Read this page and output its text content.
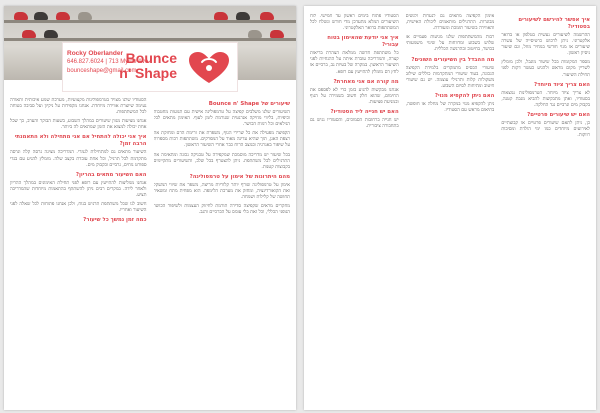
Rocky Oberlander
646.827.6024 | 713 Myrtle Ave
bounceshape@gmail.com
Bounce
n' Shape
שיעורים של Bounce n' Shape
השיעורים שלנו משלבים קפיצה על טרמפולינה אישית עם תנועות מחטבות וכיפיות, בליווי מוזיקה אנרגטית שגורמת לזמן לעוף. האימון מתאים לכל הגילאים וכל רמות הכושר.
הקפיצה מפעילה את כל שרירי הגוף, משפרת את זרימת הדם ומחזקת את רצפת האגן, תוך שהיא עדינה מאוד על המפרקים. משתתפות רבות מספרות על שיפור באנרגיה ובמצב הרוח כבר אחרי השיעור הראשון.
בכל שיעור יש מדריכה מוסמכת שמקפידה על טכניקה נכונה ומתאימה את התרגילים לכל משתתפת. ניתן להצטרף בכל שלב, והשיעורים מתקיימים בקבוצות קטנות.
מהם היתרונות של אימון על טרמפולינה?
אימון על טרמפולינה שורף יותר קלוריות מריצה, משפר את שיווי המשקל ואת הקואורדינציה, ומחזק את מערכת הלימפה. הוא מפחית מתח ומשאיר תחושה של קלילות ושמחה.
מחקרים מראים שקפיצה סדירה תורמת לחיזוק העצמות ולשיפור הכושר הגופני הכללי, וכל זאת בלי עומס על הברכיים והגב.
הסטודיו שלנו מצויד בטרמפולינות מקצועיות, מערכת שמע איכותית ותאורה נעימה שיוצרת אווירה מיוחדת. אנחנו מקפידות על ניקיון ועל סביבה בטוחה לכל המשתתפות.
אנחנו מציעות מגוון שיעורים במהלך השבוע, בשעות הבוקר והערב, כך שכל אחת יכולה למצוא את הזמן שמתאים לה ביותר.
איך אני יכולה להתחיל אם אני מתחילה ולא התאמנתי הרבה זמן?
השיעור מתאים גם למתחילות לגמרי. המדריכה מציגה גרסה קלה וגרסה מתקדמת לכל תרגיל, וכל אחת עובדת בקצב שלה. מומלץ להגיע עם בגדי ספורט נוחים, גרביים ובקבוק מים.
האם השיעור מתאים בהריון?
אנחנו ממליצות להתייעץ עם רופא לפני תחילת האימונים במהלך ההריון ולאחר לידה. במקרים רבים ניתן להשתתף בהתאמות מיוחדות שהמדריכה תציע.
חשוב לנו שכל משתתפת תרגיש בנוח, ולכן אנחנו פתוחות לכל שאלה לפני השיעור ואחריו.
כמה זמן נמשך כל שיעור?
איך אפשר להירשם לשיעורים בסטודיו?
ההרשמה לשיעורים נעשית בטלפון או בדואר אלקטרוני. ניתן לרכוש כרטיסייה של עשרה שיעורים או מנוי חודשי במחיר מוזל, וגם שיעור ניסיון ראשון.
מספר המקומות בכל שיעור מוגבל, ולכן מומלץ לשריין מקום מראש ולהגיע כעשר דקות לפני תחילת השיעור.
האם צריך ציוד מיוחד?
לא צריך ציוד מיוחד. הטרמפולינות נמצאות בסטודיו, ואתן מתבקשות להביא מגבת קטנה, בקבוק מים וגרביים נגד החלקה.
האם יש שיעורים פרטיים?
כן, ניתן לתאם שיעורים פרטיים או קבוצתיים לאירועים מיוחדים כמו ימי הולדת ומסיבות רווקות.
אימון הקפיצה מתאים גם לנערות ולנשים מבוגרות. התרגילים מותאמים ליכולת האישית, והאווירה בשיעור תומכת ומעודדת.
רבות מהמשתתפות שלנו מגיעות פעמיים או שלוש בשבוע ומדווחות על שינוי משמעותי בכושר, בחיטוב ובהרגשה הכללית.
מה ההבדל בין השיעורים השונים?
שיעורי הבסיס מתמקדים בלמידת הקפיצה הנכונה, בעוד שיעורי המתקדמות כוללים שילוב משקולות קלות ותרגילי עוצמה. יש גם שיעורי חיטוב ומתיחות לסיום השבוע.
האם ניתן להקפיא מנוי?
ניתן להקפיא מנוי במקרה של מחלה או חופשה, בתיאום מראש עם הסטודיו.
הסטודיו פתוח בימים ראשון עד חמישי. לוח השיעורים המלא מתעדכן מדי חודש ונשלח לכל המשתתפות בדואר האלקטרוני.
איך אני יודעת שהאימון בטוח עבורי?
כל משתתפת חדשה ממלאת הצהרת בריאות קצרה, והמדריכה עוברת איתה על ההנחיות לפני השיעור הראשון. במקרה של בעיות גב, ברכיים או לחץ דם מומלץ להתייעץ עם רופא.
מה קורה אם אני מאחרת?
אנחנו מבקשות להגיע בזמן כדי לא לפספס את החימום, שהוא חלק חשוב בשמירה על הגוף ובמניעת פציעות.
האם יש חנייה ליד הסטודיו?
יש חנייה ברחובות הסמוכים, והסטודיו נגיש גם בתחבורה ציבורית.
